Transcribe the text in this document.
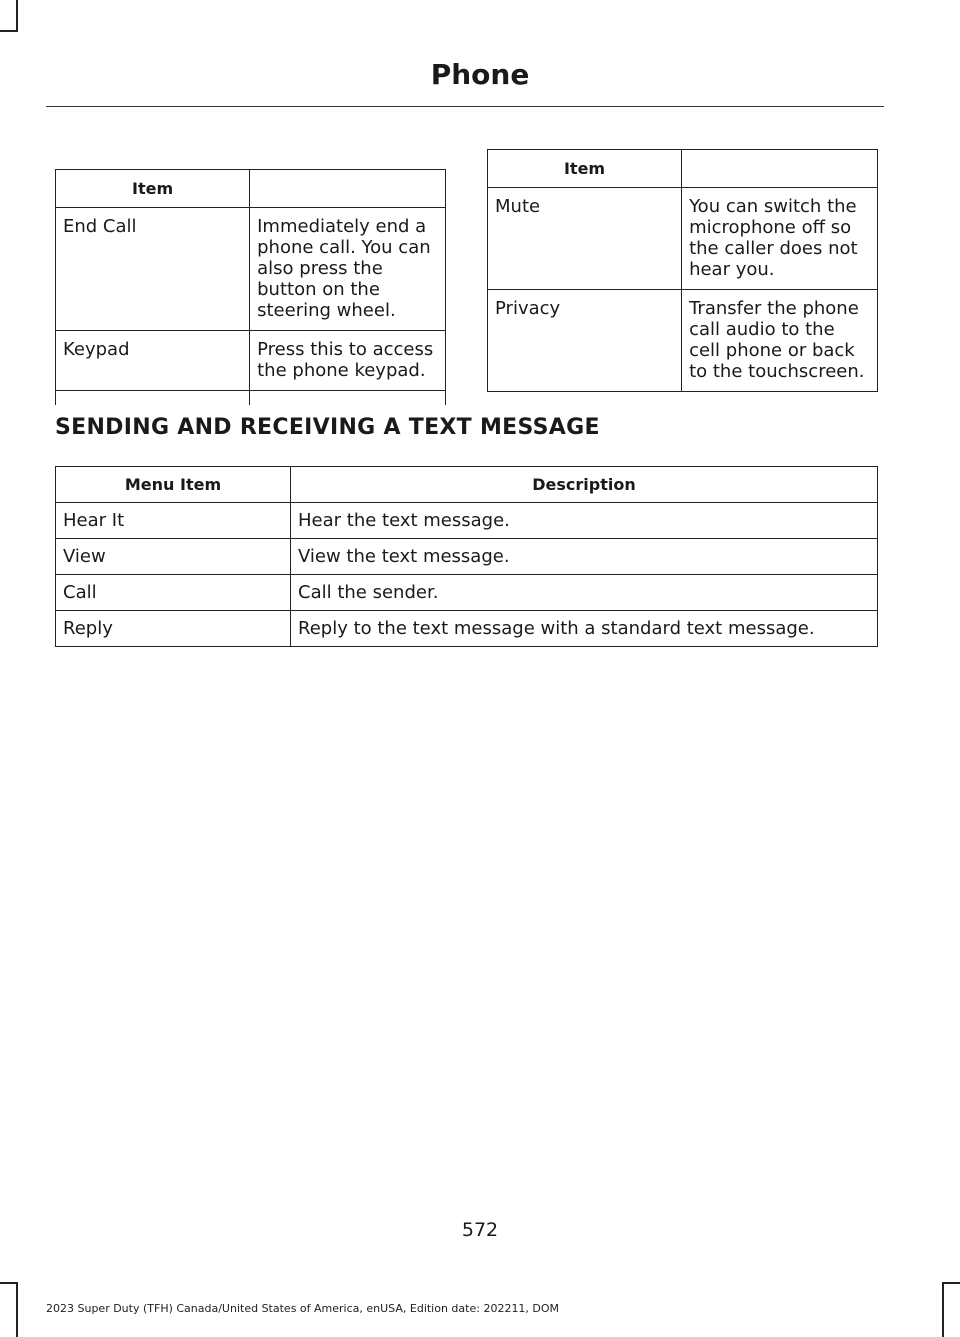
Phone
Item	
End Call	Immediately end a phone call. You can also press the button on the steering wheel.
Keypad	Press this to access the phone keypad.

Item	
Mute	You can switch the microphone off so the caller does not hear you.
Privacy	Transfer the phone call audio to the cell phone or back to the touchscreen.
SENDING AND RECEIVING A TEXT MESSAGE
Menu Item	Description
Hear It	Hear the text message.
View	View the text message.
Call	Call the sender.
Reply	Reply to the text message with a standard text message.
572
2023 Super Duty (TFH) Canada/United States of America, enUSA, Edition date: 202211, DOM
